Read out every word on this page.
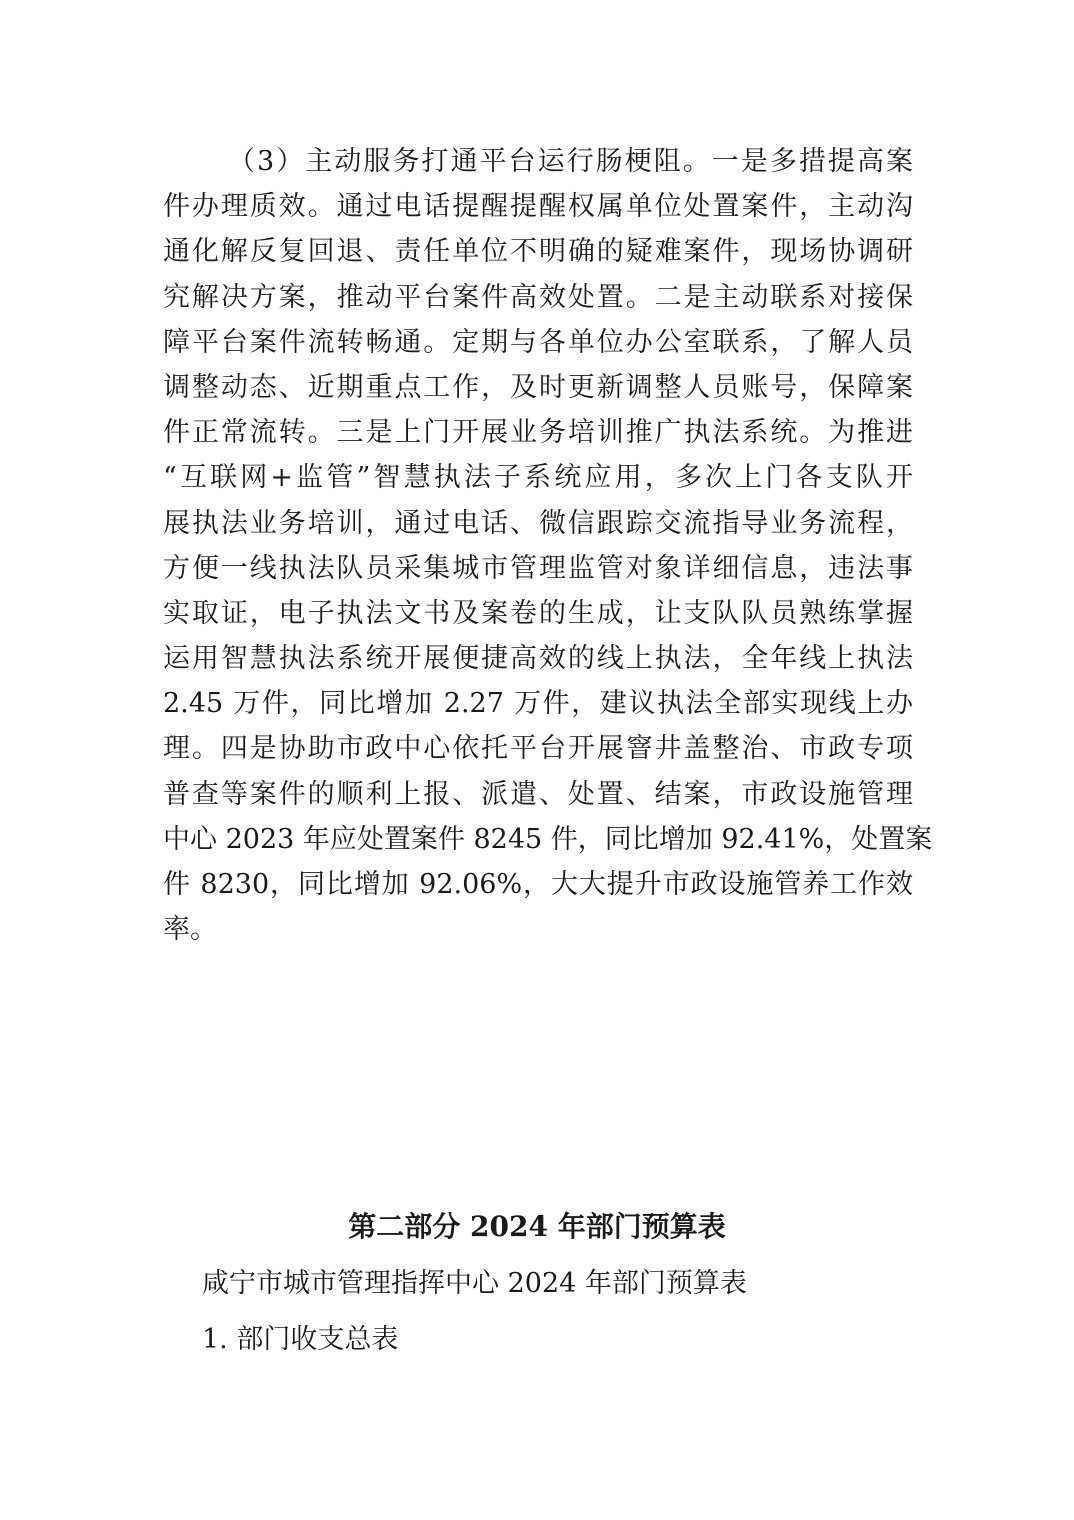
（3）主动服务打通平台运行肠梗阻。一是多措提高案
件办理质效。通过电话提醒提醒权属单位处置案件，主动沟
通化解反复回退、责任单位不明确的疑难案件，现场协调研
究解决方案，推动平台案件高效处置。二是主动联系对接保
障平台案件流转畅通。定期与各单位办公室联系，了解人员
调整动态、近期重点工作，及时更新调整人员账号，保障案
件正常流转。三是上门开展业务培训推广执法系统。为推进
“互联网+监管”智慧执法子系统应用，多次上门各支队开
展执法业务培训，通过电话、微信跟踪交流指导业务流程，
方便一线执法队员采集城市管理监管对象详细信息，违法事
实取证，电子执法文书及案卷的生成，让支队队员熟练掌握
运用智慧执法系统开展便捷高效的线上执法，全年线上执法
2.45 万件，同比增加 2.27 万件，建议执法全部实现线上办
理。四是协助市政中心依托平台开展窨井盖整治、市政专项
普查等案件的顺利上报、派遣、处置、结案，市政设施管理
中心 2023 年应处置案件 8245 件，同比增加 92.41%，处置案
件 8230，同比增加 92.06%，大大提升市政设施管养工作效
率。
第二部分 2024 年部门预算表
咸宁市城市管理指挥中心 2024 年部门预算表
1. 部门收支总表
